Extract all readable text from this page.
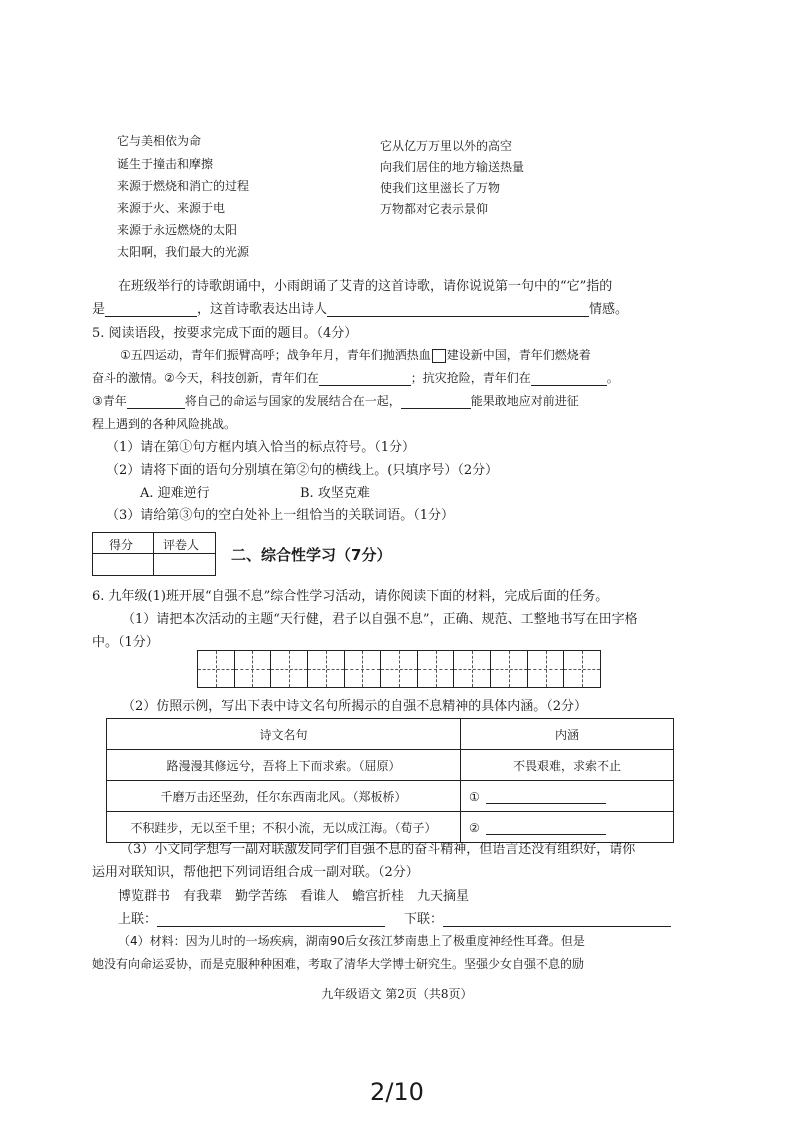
它与美相依为命
诞生于撞击和摩擦
来源于燃烧和消亡的过程
来源于火、来源于电
来源于永远燃烧的太阳
太阳啊，我们最大的光源
它从亿万万里以外的高空
向我们居住的地方输送热量
使我们这里滋长了万物
万物都对它表示景仰
在班级举行的诗歌朗诵中，小雨朗诵了艾青的这首诗歌，请你说说第一句中的“它”指的
是	，这首诗歌表达出诗人	情感。
5. 阅读语段，按要求完成下面的题目。（4分）
①五四运动，青年们振臂高呼；战争年月，青年们抛洒热血 建设新中国，青年们燃烧着
奋斗的激情。②今天，科技创新，青年们在	；抗灾抢险，青年们在	。
③青年	将自己的命运与国家的发展结合在一起，	能果敢地应对前进征
程上遇到的各种风险挑战。
（1）请在第①句方框内填入恰当的标点符号。（1分）
（2）请将下面的语句分别填在第②句的横线上。(只填序号）（2分）
A. 迎难逆行	B. 攻坚克难
（3）请给第③句的空白处补上一组恰当的关联词语。（1分）
得分 评卷人
二、综合性学习（7分）
6. 九年级(1)班开展“自强不息”综合性学习活动，请你阅读下面的材料，完成后面的任务。
（1）请把本次活动的主题“天行健，君子以自强不息”，正确、规范、工整地书写在田字格
中。（1分）
（2）仿照示例，写出下表中诗文名句所揭示的自强不息精神的具体内涵。（2分）
诗文名句	内涵
路漫漫其修远兮，吾将上下而求索。（屈原）	不畏艰难，求索不止
千磨万击还坚劲，任尔东西南北风。（郑板桥）	①
不积跬步，无以至千里；不积小流，无以成江海。（荀子）	②
（3）小文同学想写一副对联激发同学们自强不息的奋斗精神，但语言还没有组织好，请你
运用对联知识，帮他把下列词语组合成一副对联。（2分）
博览群书　有我辈　勤学苦练　看谁人　蟾宫折桂　九天摘星
上联：	下联：
（4）材料：因为儿时的一场疾病，湖南90后女孩江梦南患上了极重度神经性耳聋。但是
她没有向命运妥协，而是克服种种困难，考取了清华大学博士研究生。坚强少女自强不息的励
九年级语文 第2页（共8页）
2/10
